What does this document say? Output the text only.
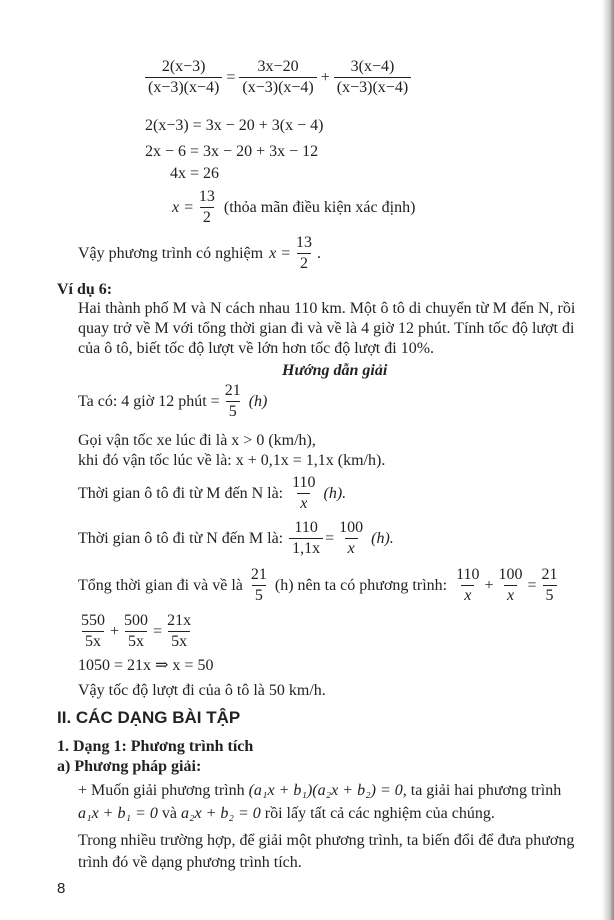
$\frac{2(x-3)}{(x-3)(x-4)} = \frac{3x-20}{(x-3)(x-4)} + \frac{3(x-4)}{(x-3)(x-4)}$
2(x−3) = 3x − 20 + 3(x − 4)
2x − 6 = 3x − 20 + 3x − 12
4x = 26
$x = \frac{13}{2}$ (thỏa mãn điều kiện xác định)
Vậy phương trình có nghiệm $x = \frac{13}{2}$ .
Ví dụ 6:
Hai thành phố M và N cách nhau 110 km. Một ô tô di chuyển từ M đến N, rồi
quay trở về M với tổng thời gian đi và về là 4 giờ 12 phút. Tính tốc độ lượt đi
của ô tô, biết tốc độ lượt về lớn hơn tốc độ lượt đi 10%.
Hướng dẫn giải
Ta có: 4 giờ 12 phút = $\frac{21}{5} (h)$
Gọi vận tốc xe lúc đi là x > 0 (km/h),
khi đó vận tốc lúc về là: x + 0,1x = 1,1x (km/h).
Thời gian ô tô đi từ M đến N là: $\frac{110}{x} (h)$.
Thời gian ô tô đi từ N đến M là: $\frac{110}{1,1x} = \frac{100}{x} (h)$.
Tổng thời gian đi và về là $\frac{21}{5} (h)$ nên ta có phương trình: $\frac{110}{x} + \frac{100}{x} = \frac{21}{5}$
$\frac{550}{5x} + \frac{500}{5x} = \frac{21x}{5x}$
1050 = 21x ⇒ x = 50
Vậy tốc độ lượt đi của ô tô là 50 km/h.
II. CÁC DẠNG BÀI TẬP
1. Dạng 1: Phương trình tích
a) Phương pháp giải:
+ Muốn giải phương trình (a₁x + b₁)(a₂x + b₂) = 0, ta giải hai phương trình
a₁x + b₁ = 0 và a₂x + b₂ = 0 rồi lấy tất cả các nghiệm của chúng.
Trong nhiều trường hợp, để giải một phương trình, ta biến đổi để đưa phương
trình đó về dạng phương trình tích.
8
